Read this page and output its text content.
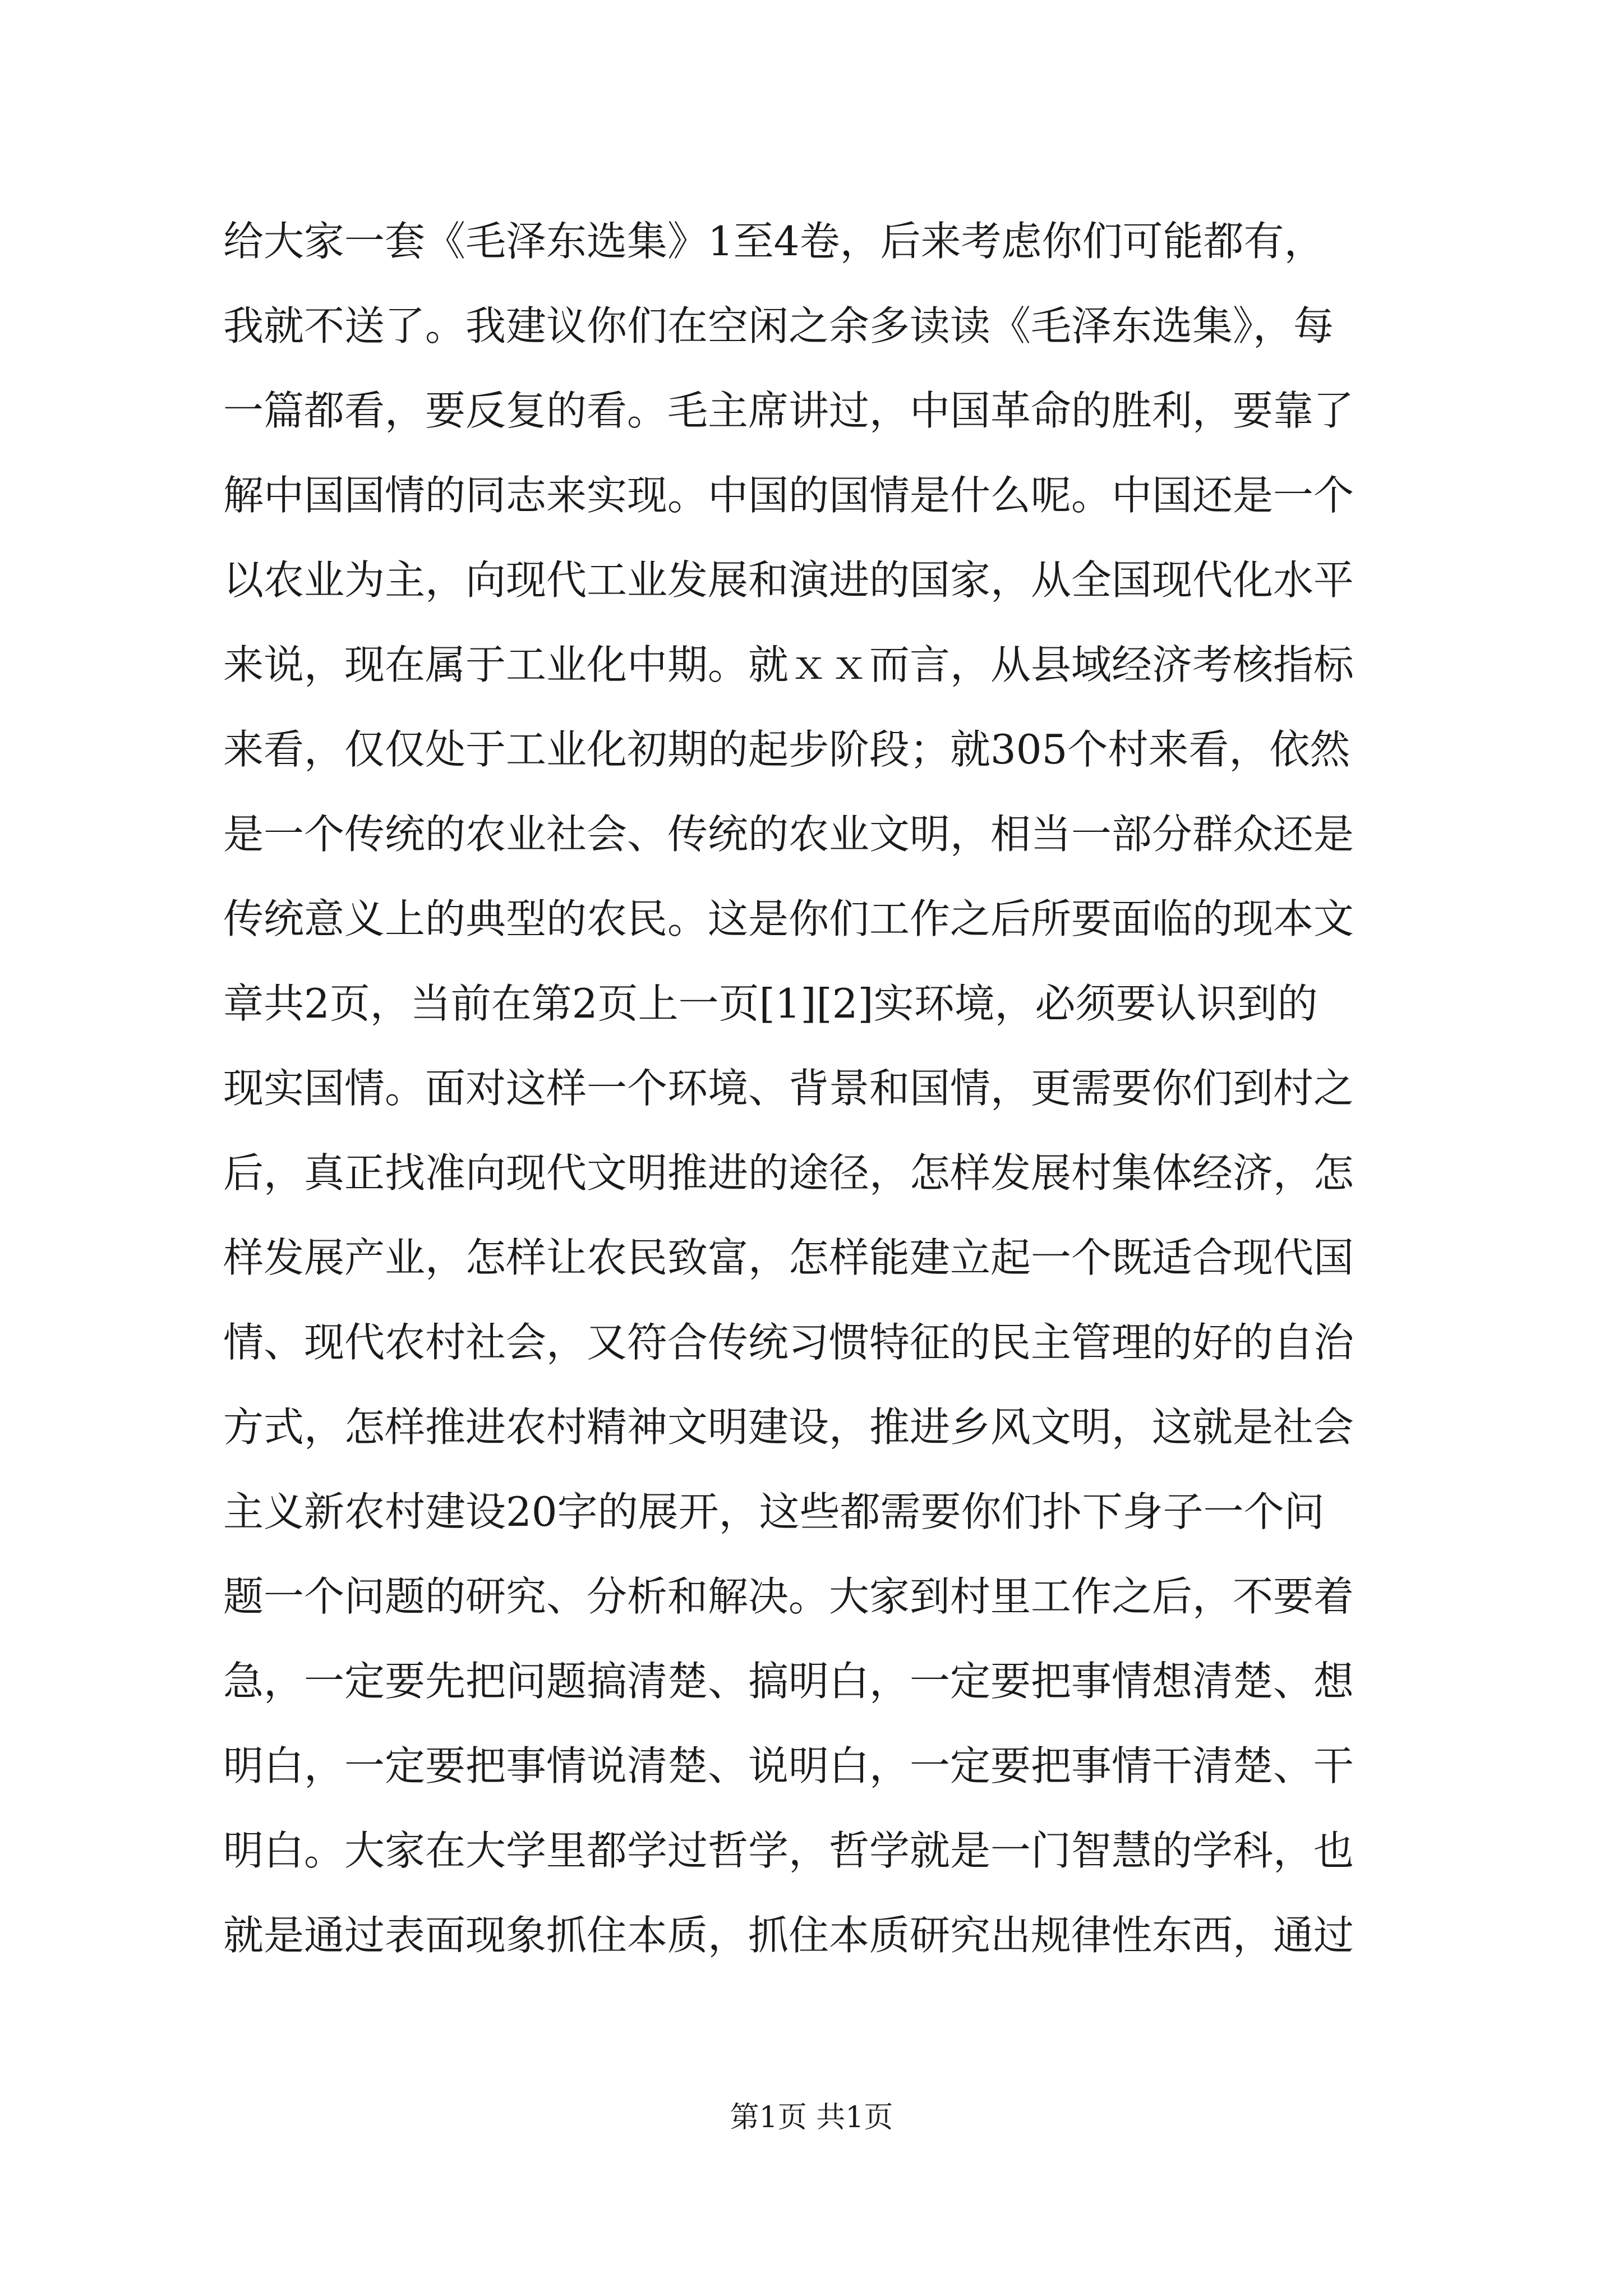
给大家一套《毛泽东选集》1至4卷，后来考虑你们可能都有，
我就不送了。我建议你们在空闲之余多读读《毛泽东选集》，每
一篇都看，要反复的看。毛主席讲过，中国革命的胜利，要靠了
解中国国情的同志来实现。中国的国情是什么呢。中国还是一个
以农业为主，向现代工业发展和演进的国家，从全国现代化水平
来说，现在属于工业化中期。就ｘｘ而言，从县域经济考核指标
来看，仅仅处于工业化初期的起步阶段；就305个村来看，依然
是一个传统的农业社会、传统的农业文明，相当一部分群众还是
传统意义上的典型的农民。这是你们工作之后所要面临的现本文
章共2页，当前在第2页上一页[1][2]实环境，必须要认识到的
现实国情。面对这样一个环境、背景和国情，更需要你们到村之
后，真正找准向现代文明推进的途径，怎样发展村集体经济，怎
样发展产业，怎样让农民致富，怎样能建立起一个既适合现代国
情、现代农村社会，又符合传统习惯特征的民主管理的好的自治
方式，怎样推进农村精神文明建设，推进乡风文明，这就是社会
主义新农村建设20字的展开，这些都需要你们扑下身子一个问
题一个问题的研究、分析和解决。大家到村里工作之后，不要着
急，一定要先把问题搞清楚、搞明白，一定要把事情想清楚、想
明白，一定要把事情说清楚、说明白，一定要把事情干清楚、干
明白。大家在大学里都学过哲学，哲学就是一门智慧的学科，也
就是通过表面现象抓住本质，抓住本质研究出规律性东西，通过
第1页 共1页
